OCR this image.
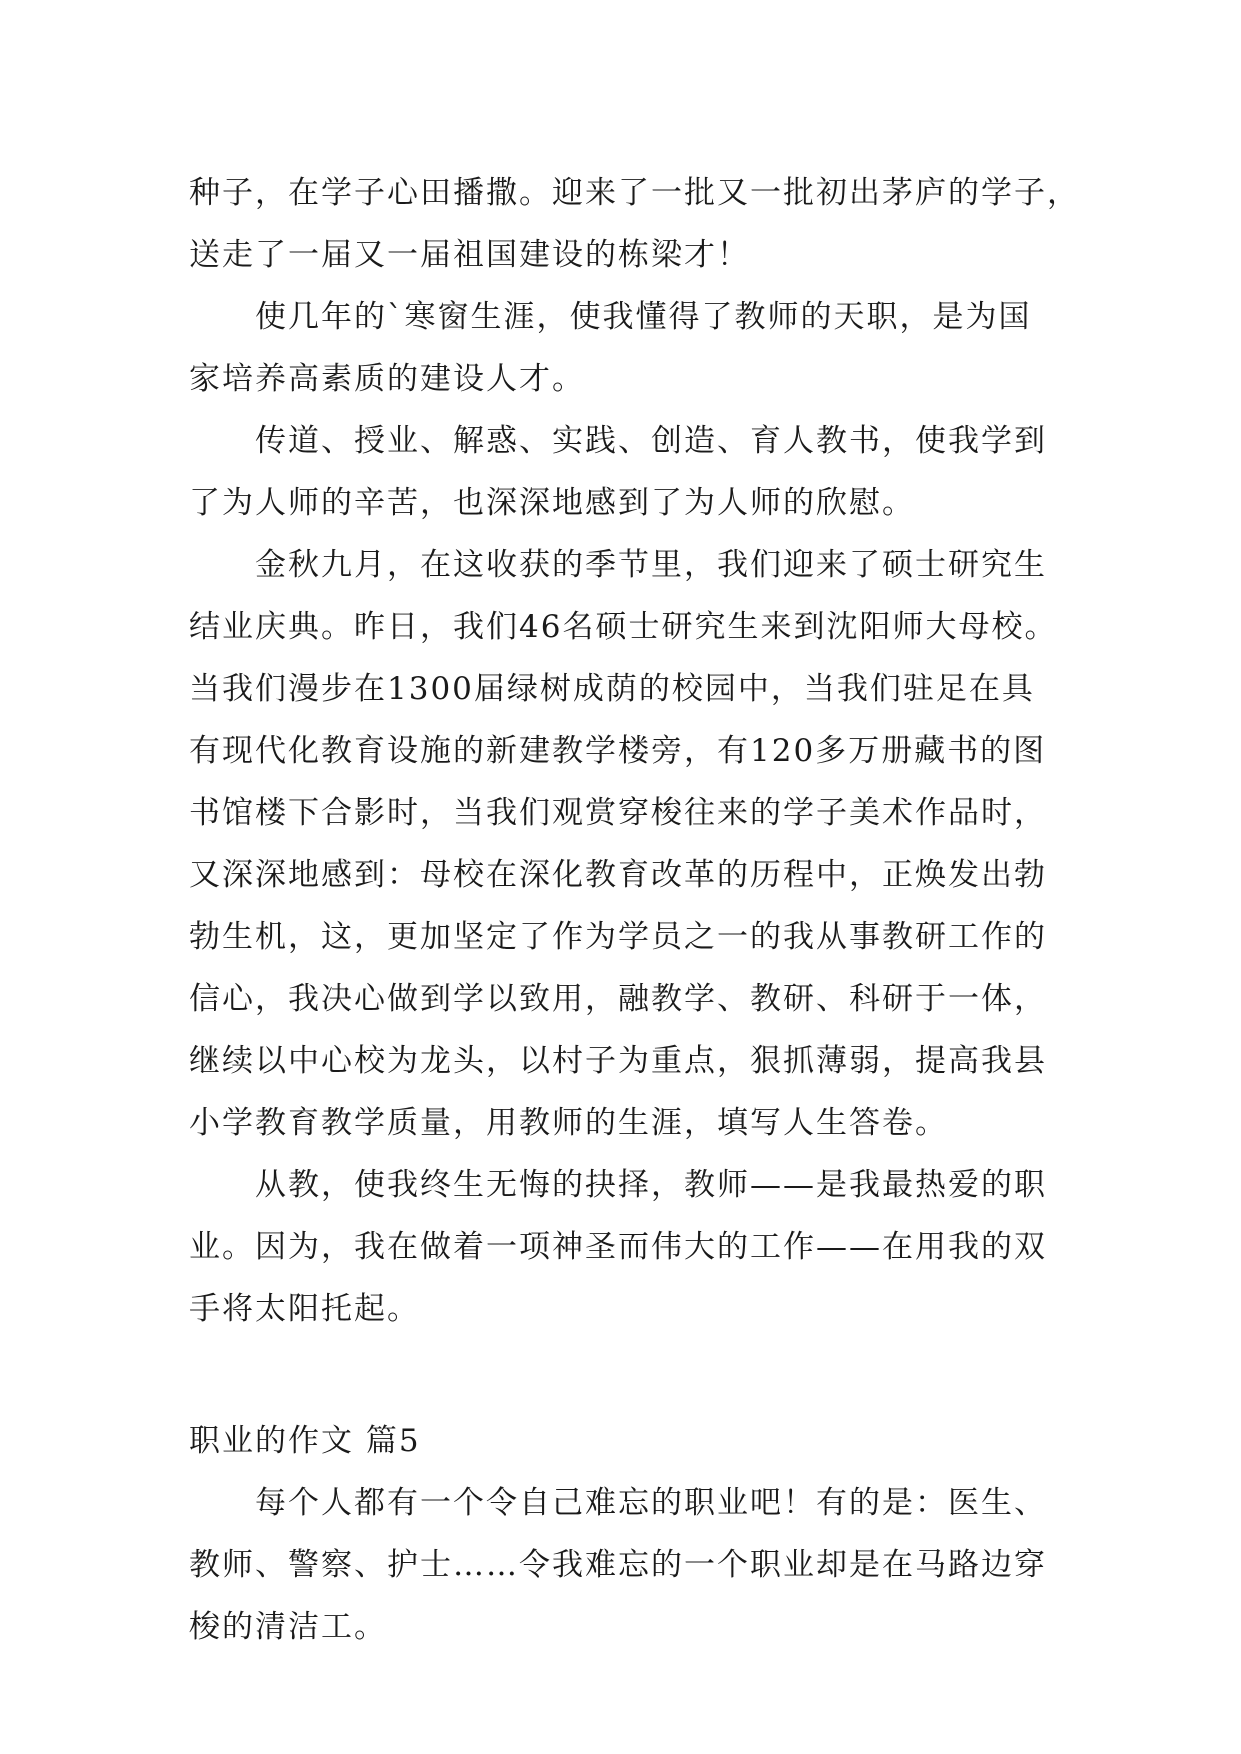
种子，在学子心田播撒。迎来了一批又一批初出茅庐的学子，
送走了一届又一届祖国建设的栋梁才！
使几年的`寒窗生涯，使我懂得了教师的天职，是为国
家培养高素质的建设人才。
传道、授业、解惑、实践、创造、育人教书，使我学到
了为人师的辛苦，也深深地感到了为人师的欣慰。
金秋九月，在这收获的季节里，我们迎来了硕士研究生
结业庆典。昨日，我们46名硕士研究生来到沈阳师大母校。
当我们漫步在1300届绿树成荫的校园中，当我们驻足在具
有现代化教育设施的新建教学楼旁，有120多万册藏书的图
书馆楼下合影时，当我们观赏穿梭往来的学子美术作品时，
又深深地感到：母校在深化教育改革的历程中，正焕发出勃
勃生机，这，更加坚定了作为学员之一的我从事教研工作的
信心，我决心做到学以致用，融教学、教研、科研于一体，
继续以中心校为龙头，以村子为重点，狠抓薄弱，提高我县
小学教育教学质量，用教师的生涯，填写人生答卷。
从教，使我终生无悔的抉择，教师——是我最热爱的职
业。因为，我在做着一项神圣而伟大的工作——在用我的双
手将太阳托起。
职业的作文 篇5
每个人都有一个令自己难忘的职业吧！有的是：医生、
教师、警察、护士……令我难忘的一个职业却是在马路边穿
梭的清洁工。
